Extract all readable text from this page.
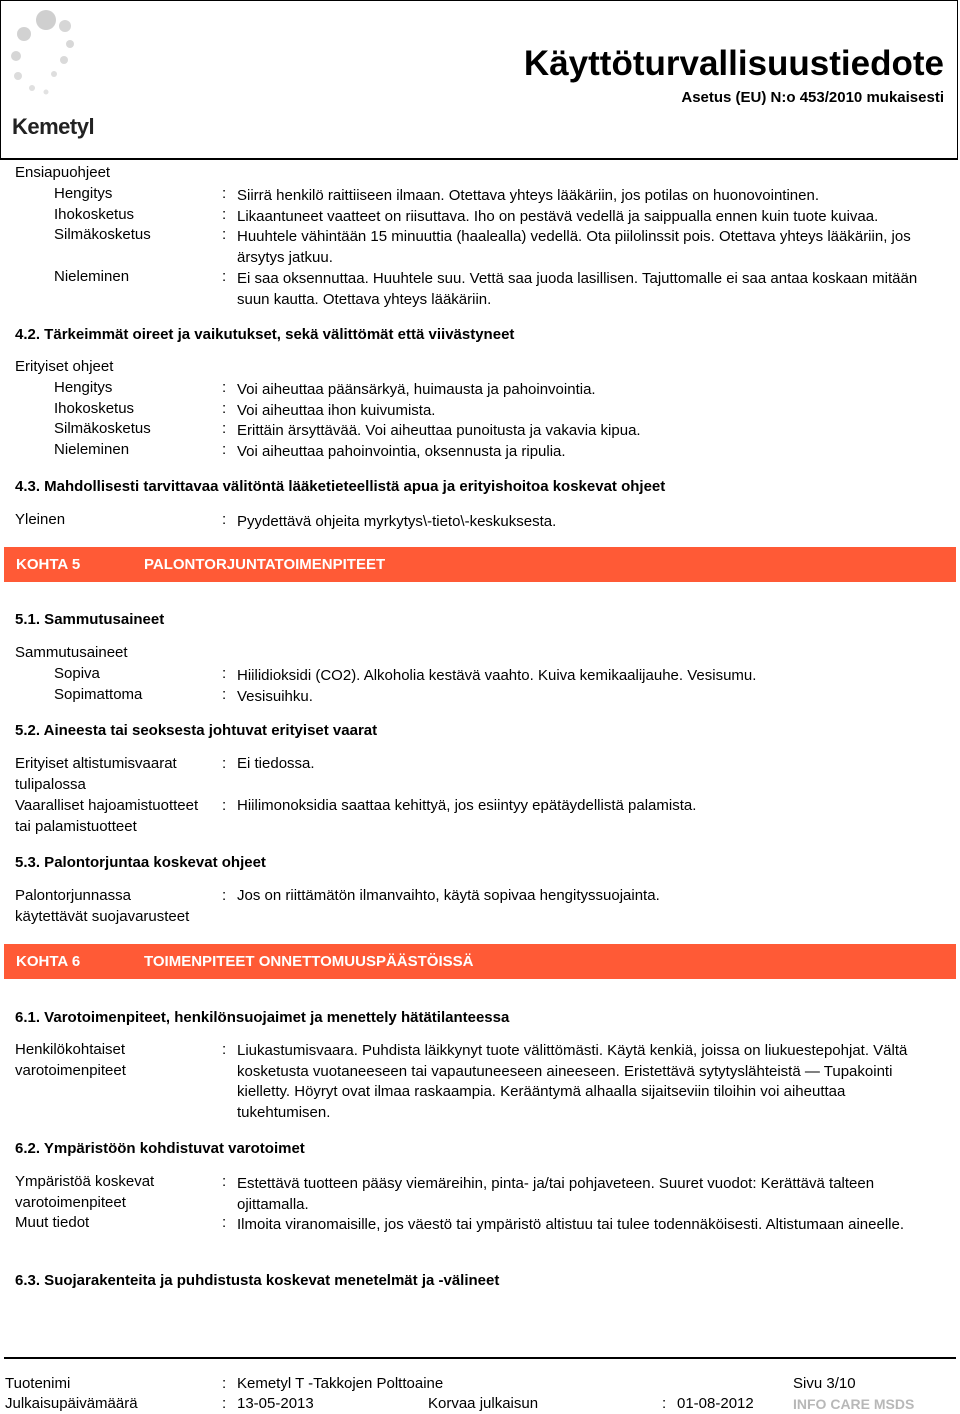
Kemetyl
Käyttöturvallisuustiedote
Asetus (EU) N:o 453/2010 mukaisesti
Ensiapuohjeet
Hengitys	: Siirrä henkilö raittiiseen ilmaan. Otettava yhteys lääkäriin, jos potilas on huonovointinen.
Ihokosketus	: Likaantuneet vaatteet on riisuttava. Iho on pestävä vedellä ja saippualla ennen kuin tuote kuivaa.
Silmäkosketus	: Huuhtele vähintään 15 minuuttia (haalealla) vedellä. Ota piilolinssit pois. Otettava yhteys lääkäriin, jos ärsytys jatkuu.
Nieleminen	: Ei saa oksennuttaa. Huuhtele suu. Vettä saa juoda lasillisen. Tajuttomalle ei saa antaa koskaan mitään suun kautta. Otettava yhteys lääkäriin.
4.2. Tärkeimmät oireet ja vaikutukset, sekä välittömät että viivästyneet
Erityiset ohjeet
Hengitys	: Voi aiheuttaa päänsärkyä, huimausta ja pahoinvointia.
Ihokosketus	: Voi aiheuttaa ihon kuivumista.
Silmäkosketus	: Erittäin ärsyttävää. Voi aiheuttaa punoitusta ja vakavia kipua.
Nieleminen	: Voi aiheuttaa pahoinvointia, oksennusta ja ripulia.
4.3. Mahdollisesti tarvittavaa välitöntä lääketieteellistä apua ja erityishoitoa koskevat ohjeet
Yleinen	: Pyydettävä ohjeita myrkytys\-tieto\-keskuksesta.
KOHTA 5	PALONTORJUNTATOIMENPITEET
5.1. Sammutusaineet
Sammutusaineet
Sopiva	: Hiilidioksidi (CO2). Alkoholia kestävä vaahto. Kuiva kemikaalijauhe. Vesisumu.
Sopimattoma	: Vesisuihku.
5.2. Aineesta tai seoksesta johtuvat erityiset vaarat
Erityiset altistumisvaarat
tulipalossa
: Ei tiedossa.
Vaaralliset hajoamistuotteet
tai palamistuotteet
: Hiilimonoksidia saattaa kehittyä, jos esiintyy epätäydellistä palamista.
5.3. Palontorjuntaa koskevat ohjeet
Palontorjunnassa
käytettävät suojavarusteet
: Jos on riittämätön ilmanvaihto, käytä sopivaa hengityssuojainta.
KOHTA 6	TOIMENPITEET ONNETTOMUUSPÄÄSTÖISSÄ
6.1. Varotoimenpiteet, henkilönsuojaimet ja menettely hätätilanteessa
Henkilökohtaiset
varotoimenpiteet
: Liukastumisvaara. Puhdista läikkynyt tuote välittömästi. Käytä kenkiä, joissa on liukuestepohjat. Vältä kosketusta vuotaneeseen tai vapautuneeseen aineeseen. Eristettävä sytytyslähteistä — Tupakointi kielletty. Höyryt ovat ilmaa raskaampia. Kerääntymä alhaalla sijaitseviin tiloihin voi aiheuttaa tukehtumisen.
6.2. Ympäristöön kohdistuvat varotoimet
Ympäristöä koskevat
varotoimenpiteet
: Estettävä tuotteen pääsy viemäreihin, pinta- ja/tai pohjaveteen. Suuret vuodot: Kerättävä talteen ojittamalla.
Muut tiedot	: Ilmoita viranomaisille, jos väestö tai ympäristö altistuu tai tulee todennäköisesti. Altistumaan aineelle.
6.3. Suojarakenteita ja puhdistusta koskevat menetelmät ja -välineet
Tuotenimi	: Kemetyl T -Takkojen Polttoaine	Sivu 3/10
Julkaisupäivämäärä	: 13-05-2013	Korvaa julkaisun	: 01-08-2012	INFO CARE MSDS
